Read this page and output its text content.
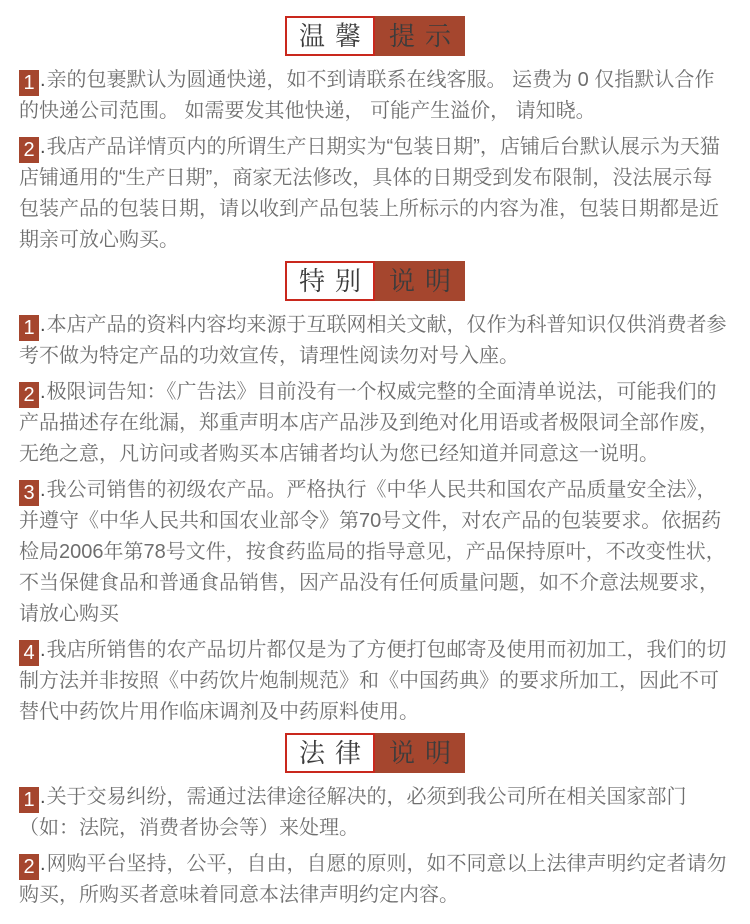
温馨 提示

1 .亲的包裹默认为圆通快递，如不到请联系在线客服。 运费为 0 仅指默认合作的快递公司范围。 如需要发其他快递， 可能产生溢价， 请知晓。

2 .我店产品详情页内的所谓生产日期实为“包装日期”，店铺后台默认展示为天猫店铺通用的“生产日期”，商家无法修改，具体的日期受到发布限制，没法展示每包装产品的包装日期，请以收到产品包装上所标示的内容为准，包装日期都是近期亲可放心购买。

特别 说明

1 .本店产品的资料内容均来源于互联网相关文献，仅作为科普知识仅供消费者参考不做为特定产品的功效宣传，请理性阅读勿对号入座。

2 .极限词告知：《广告法》目前没有一个权威完整的全面清单说法，可能我们的产品描述存在纰漏，郑重声明本店产品涉及到绝对化用语或者极限词全部作废，无绝之意，凡访问或者购买本店铺者均认为您已经知道并同意这一说明。

3 .我公司销售的初级农产品。严格执行《中华人民共和国农产品质量安全法》，并遵守《中华人民共和国农业部令》第70号文件，对农产品的包装要求。依据药检局2006年第78号文件，按食药监局的指导意见，产品保持原叶，不改变性状，不当保健食品和普通食品销售，因产品没有任何质量问题，如不介意法规要求，请放心购买

4 .我店所销售的农产品切片都仅是为了方便打包邮寄及使用而初加工，我们的切制方法并非按照《中药饮片炮制规范》和《中国药典》的要求所加工，因此不可替代中药饮片用作临床调剂及中药原料使用。

法律 说明

1 .关于交易纠纷，需通过法律途径解决的，必须到我公司所在相关国家部门（如：法院，消费者协会等）来处理。

2 .网购平台坚持，公平，自由，自愿的原则，如不同意以上法律声明约定者请勿购买，所购买者意味着同意本法律声明约定内容。
